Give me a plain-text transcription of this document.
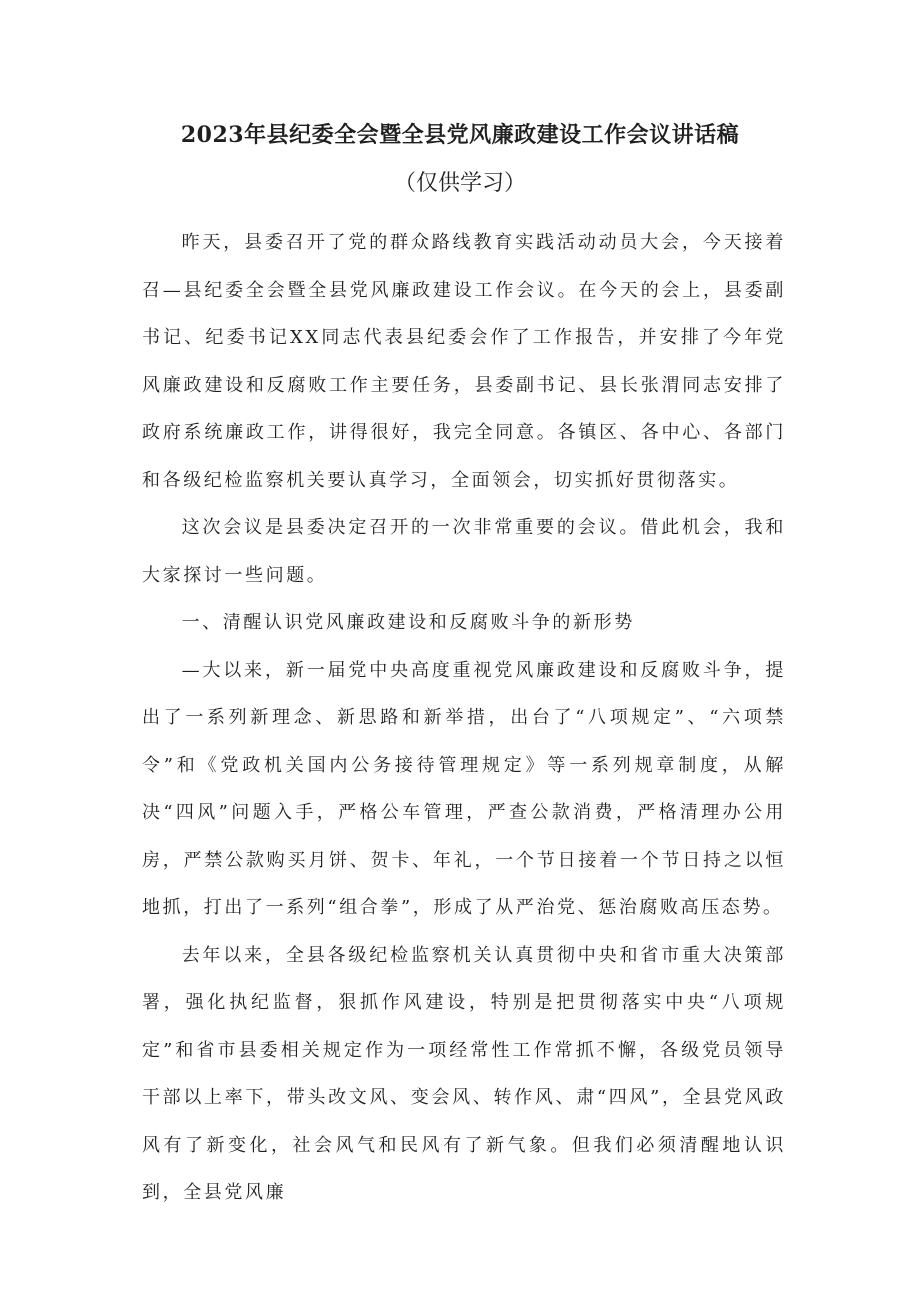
2023年县纪委全会暨全县党风廉政建设工作会议讲话稿
（仅供学习）

昨天，县委召开了党的群众路线教育实践活动动员大会，今天接着召—县纪委全会暨全县党风廉政建设工作会议。在今天的会上，县委副书记、纪委书记XX同志代表县纪委会作了工作报告，并安排了今年党风廉政建设和反腐败工作主要任务，县委副书记、县长张渭同志安排了政府系统廉政工作，讲得很好，我完全同意。各镇区、各中心、各部门和各级纪检监察机关要认真学习，全面领会，切实抓好贯彻落实。

这次会议是县委决定召开的一次非常重要的会议。借此机会，我和大家探讨一些问题。

一、清醒认识党风廉政建设和反腐败斗争的新形势

—大以来，新一届党中央高度重视党风廉政建设和反腐败斗争，提出了一系列新理念、新思路和新举措，出台了“八项规定”、“六项禁令”和《党政机关国内公务接待管理规定》等一系列规章制度，从解决“四风”问题入手，严格公车管理，严查公款消费，严格清理办公用房，严禁公款购买月饼、贺卡、年礼，一个节日接着一个节日持之以恒地抓，打出了一系列“组合拳”，形成了从严治党、惩治腐败高压态势。

去年以来，全县各级纪检监察机关认真贯彻中央和省市重大决策部署，强化执纪监督，狠抓作风建设，特别是把贯彻落实中央“八项规定”和省市县委相关规定作为一项经常性工作常抓不懈，各级党员领导干部以上率下，带头改文风、变会风、转作风、肃“四风”，全县党风政风有了新变化，社会风气和民风有了新气象。但我们必须清醒地认识到，全县党风廉
